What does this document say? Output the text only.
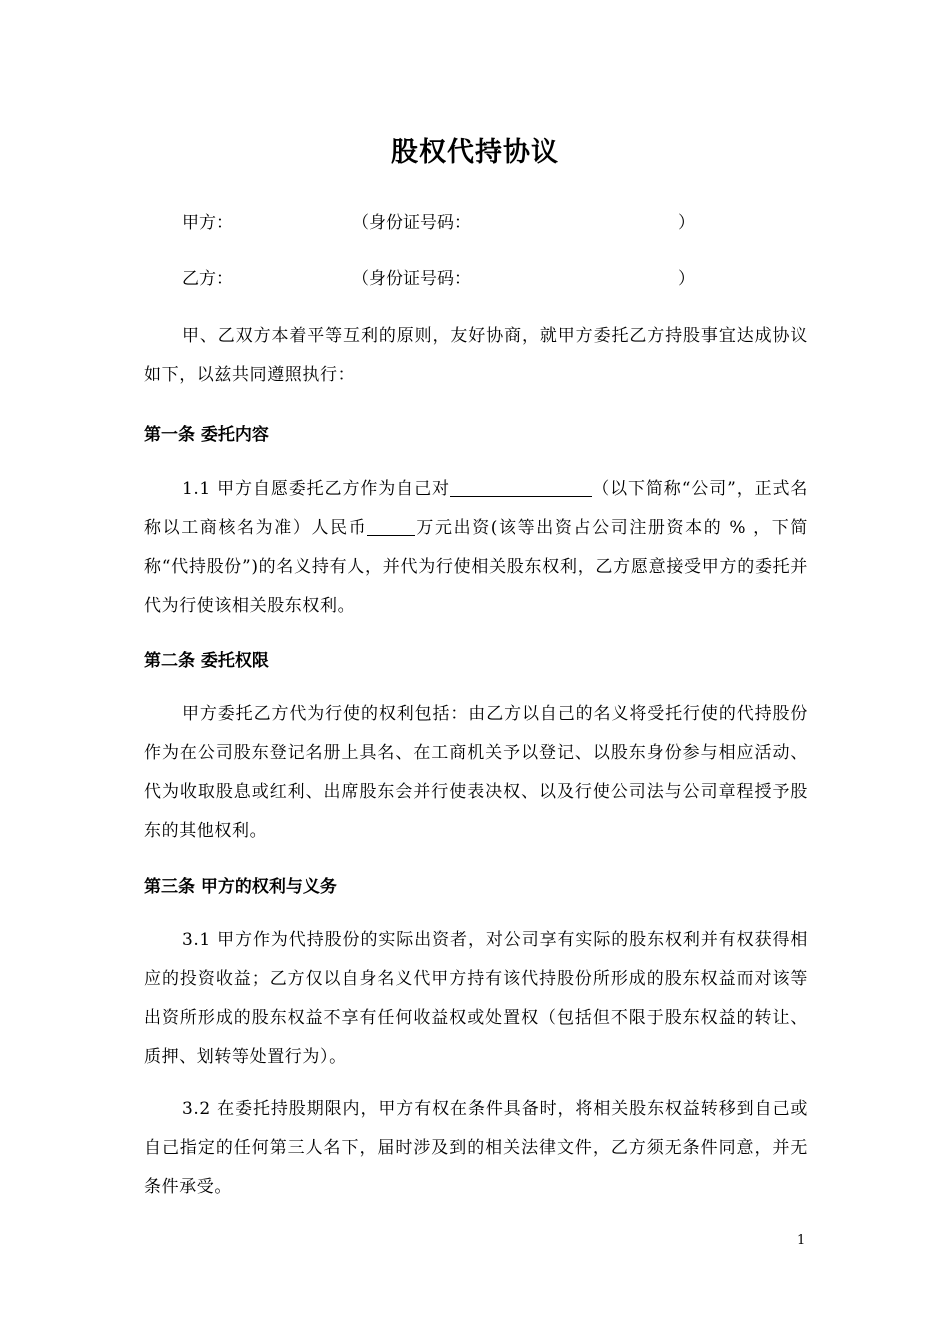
股权代持协议
甲方：	（身份证号码：	）
乙方：	（身份证号码：	）
甲、乙双方本着平等互利的原则，友好协商，就甲方委托乙方持股事宜达成协议如下，以兹共同遵照执行：
第一条 委托内容
1.1 甲方自愿委托乙方作为自己对	（以下简称“公司”，正式名称以工商核名为准）人民币	万元出资(该等出资占公司注册资本的 % ，下简称“代持股份”)的名义持有人，并代为行使相关股东权利，乙方愿意接受甲方的委托并代为行使该相关股东权利。
第二条 委托权限
甲方委托乙方代为行使的权利包括：由乙方以自己的名义将受托行使的代持股份作为在公司股东登记名册上具名、在工商机关予以登记、以股东身份参与相应活动、代为收取股息或红利、出席股东会并行使表决权、以及行使公司法与公司章程授予股东的其他权利。
第三条 甲方的权利与义务
3.1 甲方作为代持股份的实际出资者，对公司享有实际的股东权利并有权获得相应的投资收益；乙方仅以自身名义代甲方持有该代持股份所形成的股东权益而对该等出资所形成的股东权益不享有任何收益权或处置权（包括但不限于股东权益的转让、质押、划转等处置行为）。
3.2 在委托持股期限内，甲方有权在条件具备时，将相关股东权益转移到自己或自己指定的任何第三人名下，届时涉及到的相关法律文件，乙方须无条件同意，并无条件承受。
1
